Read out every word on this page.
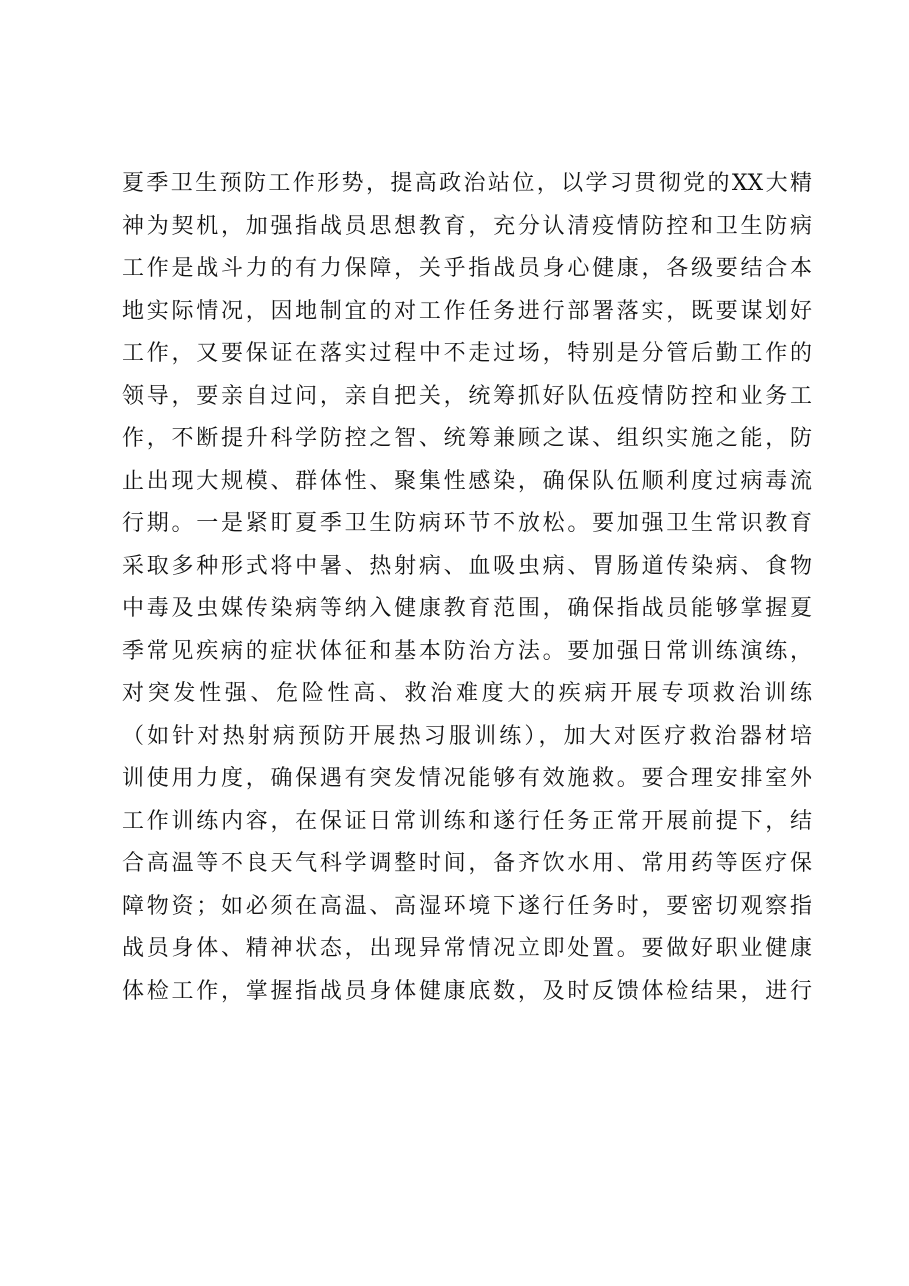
夏季卫生预防工作形势，提高政治站位，以学习贯彻党的XX大精
神为契机，加强指战员思想教育，充分认清疫情防控和卫生防病
工作是战斗力的有力保障，关乎指战员身心健康，各级要结合本
地实际情况，因地制宜的对工作任务进行部署落实，既要谋划好
工作，又要保证在落实过程中不走过场，特别是分管后勤工作的
领导，要亲自过问，亲自把关，统筹抓好队伍疫情防控和业务工
作，不断提升科学防控之智、统筹兼顾之谋、组织实施之能，防
止出现大规模、群体性、聚集性感染，确保队伍顺利度过病毒流
行期。一是紧盯夏季卫生防病环节不放松。要加强卫生常识教育
采取多种形式将中暑、热射病、血吸虫病、胃肠道传染病、食物
中毒及虫媒传染病等纳入健康教育范围，确保指战员能够掌握夏
季常见疾病的症状体征和基本防治方法。要加强日常训练演练，
对突发性强、危险性高、救治难度大的疾病开展专项救治训练
（如针对热射病预防开展热习服训练），加大对医疗救治器材培
训使用力度，确保遇有突发情况能够有效施救。要合理安排室外
工作训练内容，在保证日常训练和遂行任务正常开展前提下，结
合高温等不良天气科学调整时间，备齐饮水用、常用药等医疗保
障物资；如必须在高温、高湿环境下遂行任务时，要密切观察指
战员身体、精神状态，出现异常情况立即处置。要做好职业健康
体检工作，掌握指战员身体健康底数，及时反馈体检结果，进行
